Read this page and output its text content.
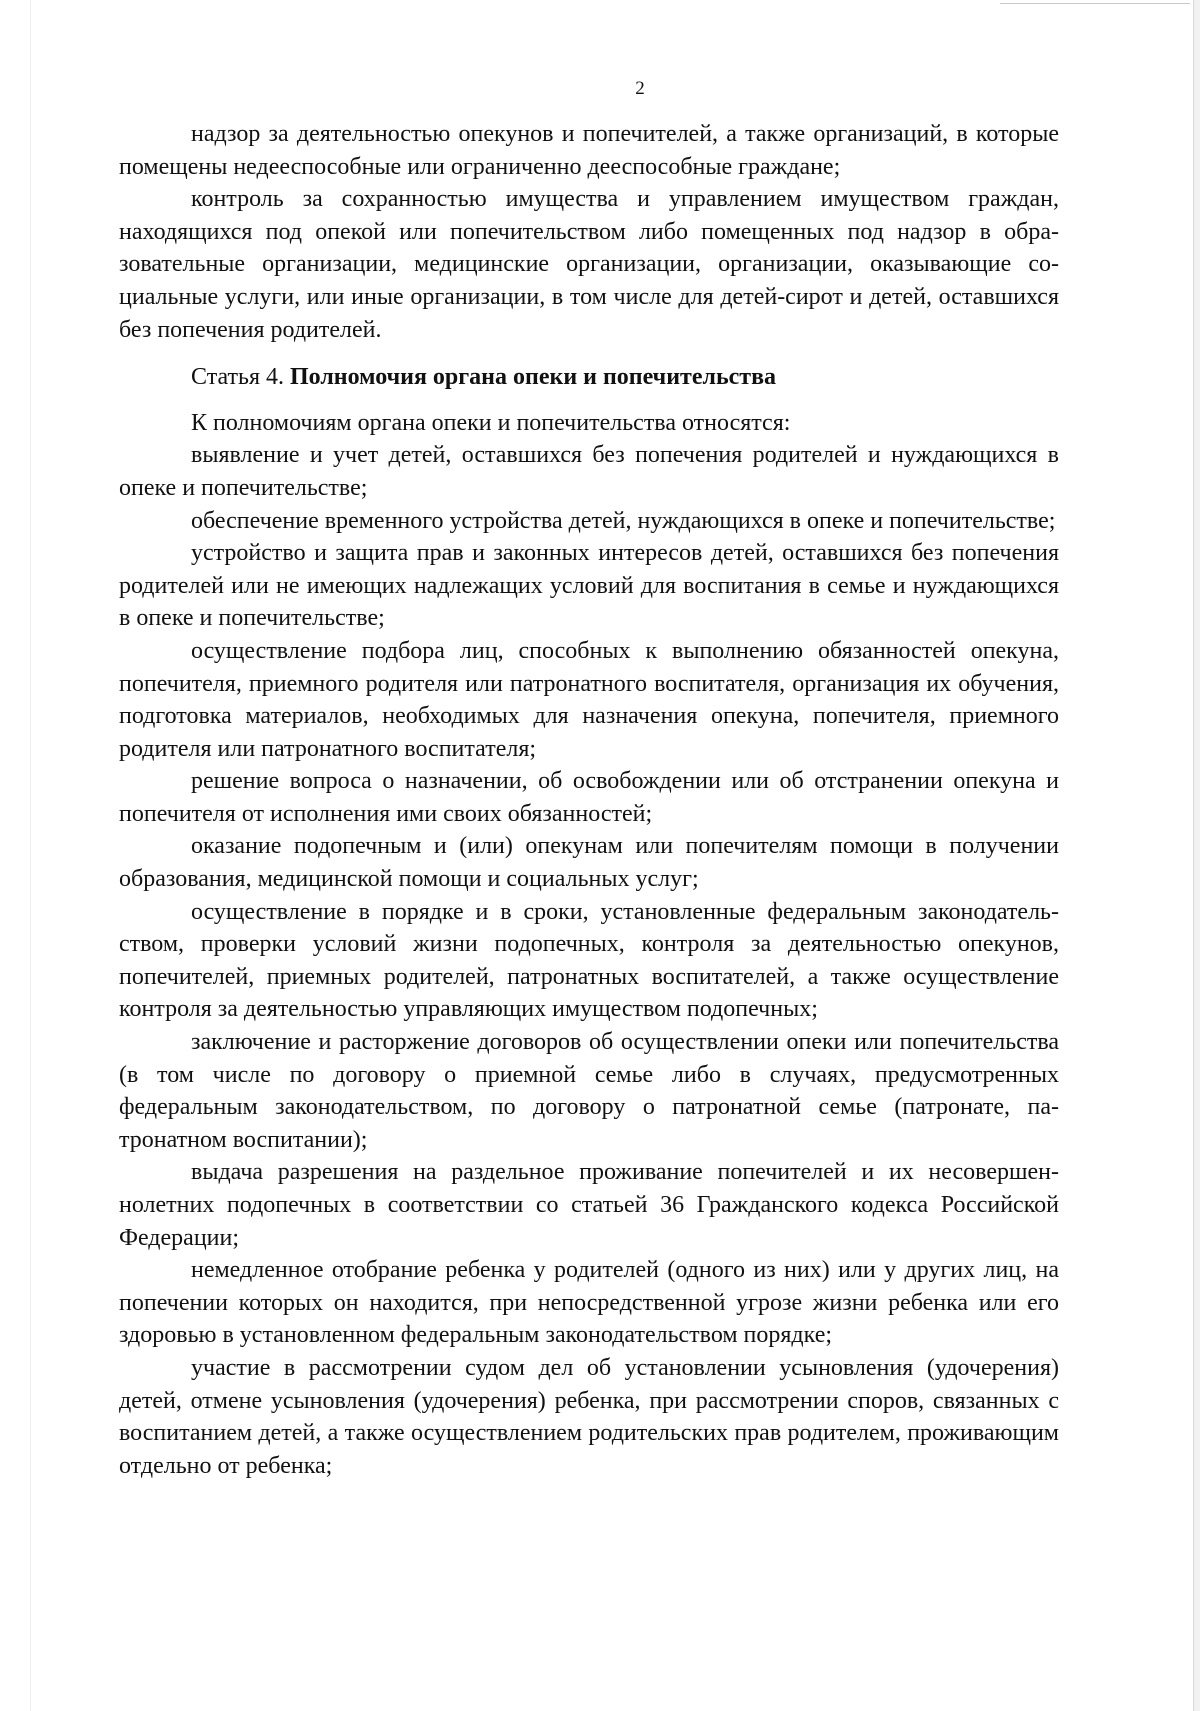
2

надзор за деятельностью опекунов и попечителей, а также организаций, в которые помещены недееспособные или ограниченно дееспособные граждане;

контроль за сохранностью имущества и управлением имуществом граждан, находящихся под опекой или попечительством либо помещенных под надзор в образовательные организации, медицинские организации, организации, оказывающие социальные услуги, или иные организации, в том числе для детей-сирот и детей, оставшихся без попечения родителей.

Статья 4. Полномочия органа опеки и попечительства

К полномочиям органа опеки и попечительства относятся:

выявление и учет детей, оставшихся без попечения родителей и нуждающихся в опеке и попечительстве;

обеспечение временного устройства детей, нуждающихся в опеке и попечительстве;

устройство и защита прав и законных интересов детей, оставшихся без попечения родителей или не имеющих надлежащих условий для воспитания в семье и нуждающихся в опеке и попечительстве;

осуществление подбора лиц, способных к выполнению обязанностей опекуна, попечителя, приемного родителя или патронатного воспитателя, организация их обучения, подготовка материалов, необходимых для назначения опекуна, попечителя, приемного родителя или патронатного воспитателя;

решение вопроса о назначении, об освобождении или об отстранении опекуна и попечителя от исполнения ими своих обязанностей;

оказание подопечным и (или) опекунам или попечителям помощи в получении образования, медицинской помощи и социальных услуг;

осуществление в порядке и в сроки, установленные федеральным законодательством, проверки условий жизни подопечных, контроля за деятельностью опекунов, попечителей, приемных родителей, патронатных воспитателей, а также осуществление контроля за деятельностью управляющих имуществом подопечных;

заключение и расторжение договоров об осуществлении опеки или попечительства (в том числе по договору о приемной семье либо в случаях, предусмотренных федеральным законодательством, по договору о патронатной семье (патронате, патронатном воспитании);

выдача разрешения на раздельное проживание попечителей и их несовершеннолетних подопечных в соответствии со статьей 36 Гражданского кодекса Российской Федерации;

немедленное отобрание ребенка у родителей (одного из них) или у других лиц, на попечении которых он находится, при непосредственной угрозе жизни ребенка или его здоровью в установленном федеральным законодательством порядке;

участие в рассмотрении судом дел об установлении усыновления (удочерения) детей, отмене усыновления (удочерения) ребенка, при рассмотрении споров, связанных с воспитанием детей, а также осуществлением родительских прав родителем, проживающим отдельно от ребенка;
